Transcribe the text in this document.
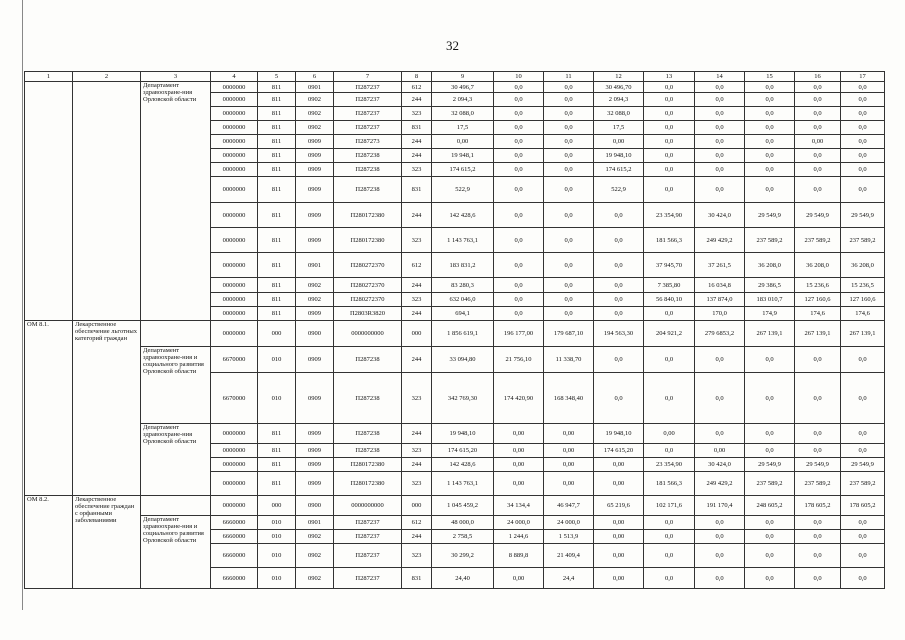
32
1	2	3	4	5	6	7	8	9	10	11	12	13	14	15	16	17
		Департамент здравоохране-ния Орловской области	0000000	811	0901	П287237	612	30 496,7	0,0	0,0	30 496,70	0,0	0,0	0,0	0,0	0,0
			0000000	811	0902	П287237	244	2 094,3	0,0	0,0	2 094,3	0,0	0,0	0,0	0,0	0,0
			0000000	811	0902	П287237	323	32 088,0	0,0	0,0	32 088,0	0,0	0,0	0,0	0,0	0,0
			0000000	811	0902	П287237	831	17,5	0,0	0,0	17,5	0,0	0,0	0,0	0,0	0,0
			0000000	811	0909	П287273	244	0,00	0,0	0,0	0,00	0,0	0,0	0,0	0,00	0,0
			0000000	811	0909	П287238	244	19 948,1	0,0	0,0	19 948,10	0,0	0,0	0,0	0,0	0,0
			0000000	811	0909	П287238	323	174 615,2	0,0	0,0	174 615,2	0,0	0,0	0,0	0,0	0,0
			0000000	811	0909	П287238	831	522,9	0,0	0,0	522,9	0,0	0,0	0,0	0,0	0,0
			0000000	811	0909	П280172380	244	142 428,6	0,0	0,0	0,0	23 354,90	30 424,0	29 549,9	29 549,9	29 549,9
			0000000	811	0909	П280172380	323	1 143 763,1	0,0	0,0	0,0	181 566,3	249 429,2	237 589,2	237 589,2	237 589,2
			0000000	811	0901	П280272370	612	183 831,2	0,0	0,0	0,0	37 945,70	37 261,5	36 208,0	36 208,0	36 208,0
			0000000	811	0902	П280272370	244	83 280,3	0,0	0,0	0,0	7 385,80	16 034,8	29 386,5	15 236,6	15 236,5
			0000000	811	0902	П280272370	323	632 046,0	0,0	0,0	0,0	56 840,10	137 874,0	183 010,7	127 160,6	127 160,6
			0000000	811	0909	П2803R3820	244	694,1	0,0	0,0	0,0	0,0	170,0	174,9	174,6	174,6
ОМ 8.1.	Лекарственное обеспечение льготных категорий граждан		0000000	000	0900	0000000000	000	1 856 619,1	196 177,00	179 687,10	194 563,30	204 921,2	279 6853,2	267 139,1	267 139,1	267 139,1
		Департамент здравоохране-ния и социального развития Орловской области	6670000	010	0909	П287238	244	33 094,80	21 756,10	11 338,70	0,0	0,0	0,0	0,0	0,0	0,0
			6670000	010	0909	П287238	323	342 769,30	174 420,90	168 348,40	0,0	0,0	0,0	0,0	0,0	0,0
		Департамент здравоохране-ния Орловской области	0000000	811	0909	П287238	244	19 948,10	0,00	0,00	19 948,10	0,00	0,0	0,0	0,0	0,0
			0000000	811	0909	П287238	323	174 615,20	0,00	0,00	174 615,20	0,0	0,00	0,0	0,0	0,0
			0000000	811	0909	П280172380	244	142 428,6	0,00	0,00	0,00	23 354,90	30 424,0	29 549,9	29 549,9	29 549,9
			0000000	811	0909	П280172380	323	1 143 763,1	0,00	0,00	0,00	181 566,3	249 429,2	237 589,2	237 589,2	237 589,2
ОМ 8.2.	Лекарственное обеспечение граждан с орфанными заболеваниями		0000000	000	0900	0000000000	000	1 045 459,2	34 134,4	46 947,7	65 219,6	102 171,6	191 170,4	248 605,2	178 605,2	178 605,2
		Департамент здравоохране-ния и социального развития Орловской области	6660000	010	0901	П287237	612	48 000,0	24 000,0	24 000,0	0,00	0,0	0,0	0,0	0,0	0,0
			6660000	010	0902	П287237	244	2 758,5	1 244,6	1 513,9	0,00	0,0	0,0	0,0	0,0	0,0
			6660000	010	0902	П287237	323	30 299,2	8 889,8	21 409,4	0,00	0,0	0,0	0,0	0,0	0,0
			6660000	010	0902	П287237	831	24,40	0,00	24,4	0,00	0,0	0,0	0,0	0,0	0,0
